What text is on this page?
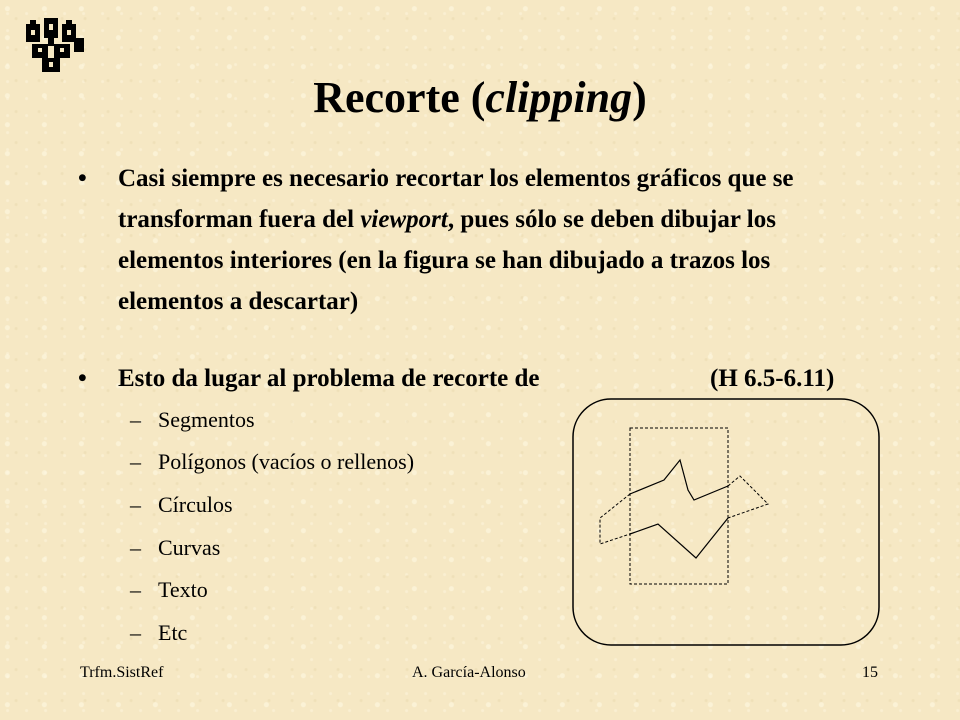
Recorte (clipping)
•	Casi siempre es necesario recortar los elementos gráficos que se transforman fuera del viewport, pues sólo se deben dibujar los elementos interiores (en la figura se han dibujado a trazos los elementos a descartar)
•	Esto da lugar al problema de recorte de	(H 6.5-6.11)
– Segmentos
– Polígonos (vacíos o rellenos)
– Círculos
– Curvas
– Texto
– Etc
Trfm.SistRef	A. García-Alonso	15
